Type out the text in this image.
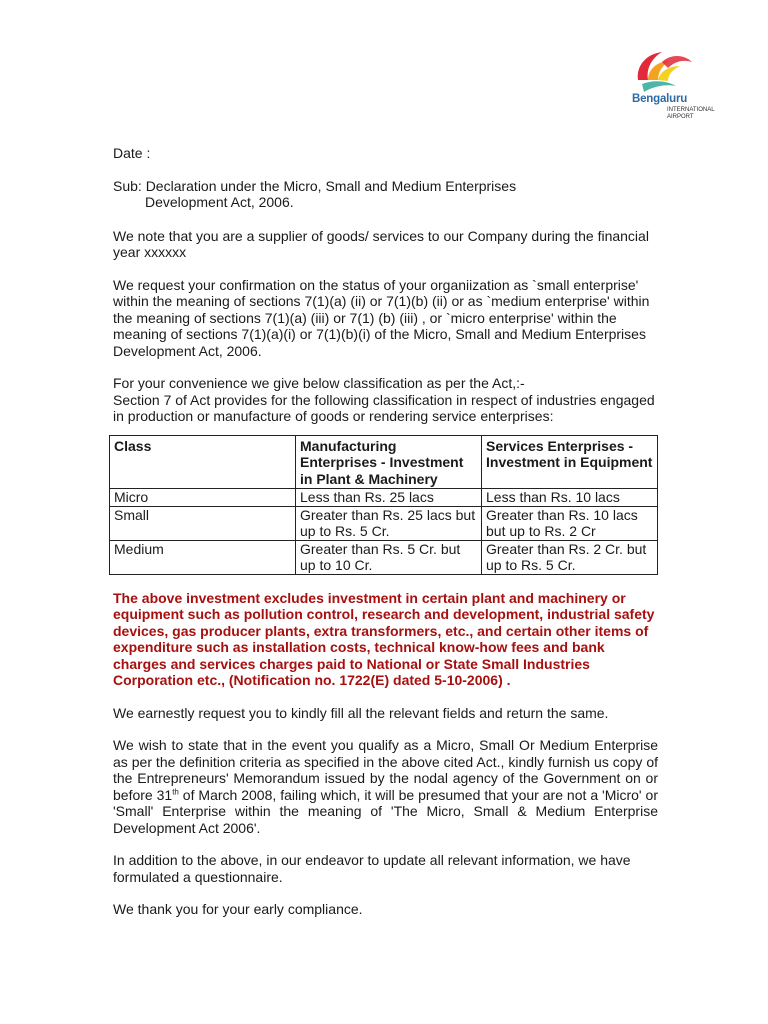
Bengaluru
INTERNATIONAL
AIRPORT

Date :

Sub: Declaration under the Micro, Small and Medium Enterprises

Development Act, 2006.

We note that you are a supplier of goods/ services to our Company during the financial year xxxxxx

We request your confirmation on the status of your organiization as `small enterprise' within the meaning of sections 7(1)(a) (ii) or 7(1)(b) (ii) or as `medium enterprise' within the meaning of sections 7(1)(a) (iii) or 7(1) (b) (iii) , or `micro enterprise' within the meaning of sections 7(1)(a)(i) or 7(1)(b)(i) of the Micro, Small and Medium Enterprises Development Act, 2006.

For your convenience we give below classification as per the Act,:-

Section 7 of Act provides for the following classification in respect of industries engaged in production or manufacture of goods or rendering service enterprises:

Class	Manufacturing Enterprises - Investment in Plant & Machinery	Services Enterprises - Investment in Equipment
Micro	Less than Rs. 25 lacs	Less than Rs. 10 lacs
Small	Greater than Rs. 25 lacs but up to Rs. 5 Cr.	Greater than Rs. 10 lacs but up to Rs. 2 Cr
Medium	Greater than Rs. 5 Cr. but up to 10 Cr.	Greater than Rs. 2 Cr. but up to Rs. 5 Cr.

The above investment excludes investment in certain plant and machinery or equipment such as pollution control, research and development, industrial safety devices, gas producer plants, extra transformers, etc., and certain other items of expenditure such as installation costs, technical know-how fees and bank charges and services charges paid to National or State Small Industries Corporation etc., (Notification no. 1722(E) dated 5-10-2006) .

We earnestly request you to kindly fill all the relevant fields and return the same.

We wish to state that in the event you qualify as a Micro, Small Or Medium Enterprise as per the definition criteria as specified in the above cited Act., kindly furnish us copy of the Entrepreneurs' Memorandum issued by the nodal agency of the Government on or before 31th of March 2008, failing which, it will be presumed that your are not a 'Micro' or 'Small' Enterprise within the meaning of 'The Micro, Small & Medium Enterprise Development Act 2006'.

In addition to the above, in our endeavor to update all relevant information, we have formulated a questionnaire.

We thank you for your early compliance.
